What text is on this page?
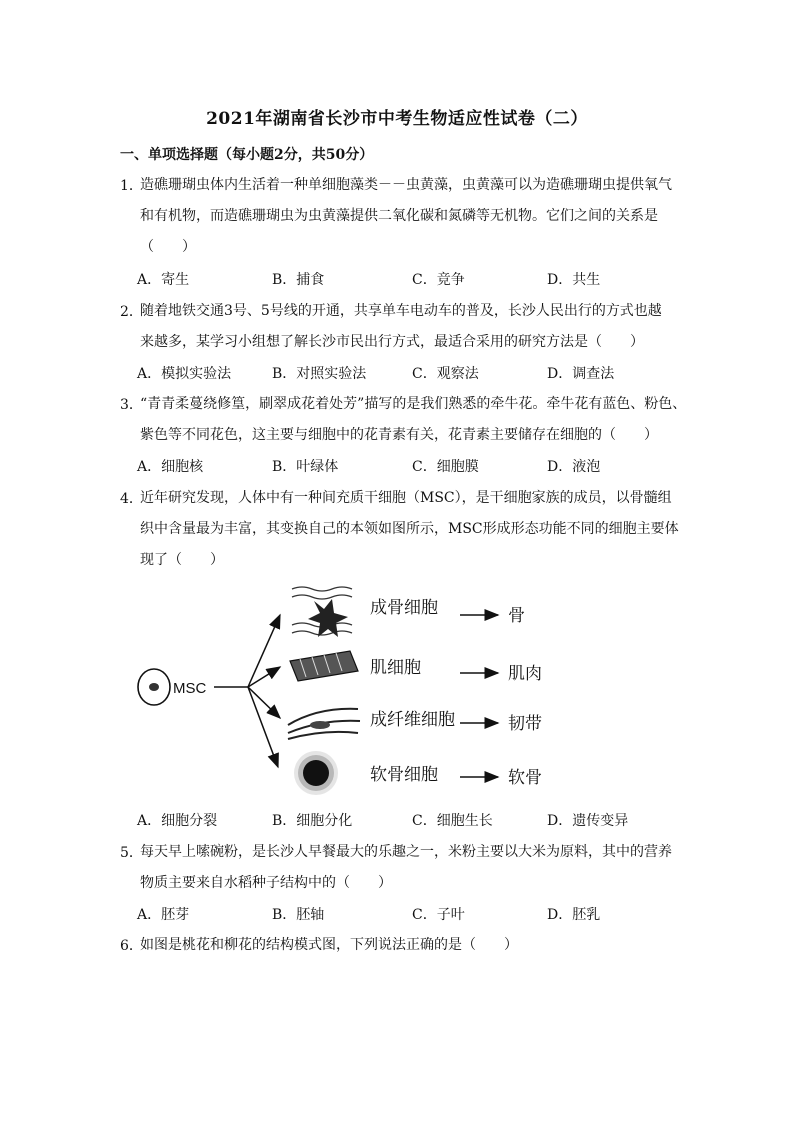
2021年湖南省长沙市中考生物适应性试卷（二）
一、单项选择题（每小题2分，共50分）
1．
造礁珊瑚虫体内生活着一种单细胞藻类－－虫黄藻，虫黄藻可以为造礁珊瑚虫提供氧气
和有机物，而造礁珊瑚虫为虫黄藻提供二氧化碳和氮磷等无机物。它们之间的关系是
（　　）
A．寄生	B．捕食	C．竞争	D．共生
2．
随着地铁交通3号、5号线的开通，共享单车电动车的普及，长沙人民出行的方式也越
来越多，某学习小组想了解长沙市民出行方式，最适合采用的研究方法是（　　）
A．模拟实验法	B．对照实验法	C．观察法	D．调查法
3．
“青青柔蔓绕修篁，刷翠成花着处芳”描写的是我们熟悉的牵牛花。牵牛花有蓝色、粉色、
紫色等不同花色，这主要与细胞中的花青素有关，花青素主要储存在细胞的（　　）
A．细胞核	B．叶绿体	C．细胞膜	D．液泡
4．
近年研究发现，人体中有一种间充质干细胞（MSC），是干细胞家族的成员，以骨髓组
织中含量最为丰富，其变换自己的本领如图所示，MSC形成形态功能不同的细胞主要体
现了（　　）
MSC
成骨细胞	骨
肌细胞	肌肉
成纤维细胞	韧带
软骨细胞	软骨
A．细胞分裂	B．细胞分化	C．细胞生长	D．遗传变异
5．
每天早上嗦碗粉，是长沙人早餐最大的乐趣之一，米粉主要以大米为原料，其中的营养
物质主要来自水稻种子结构中的（　　）
A．胚芽	B．胚轴	C．子叶	D．胚乳
6．
如图是桃花和柳花的结构模式图，下列说法正确的是（　　）
